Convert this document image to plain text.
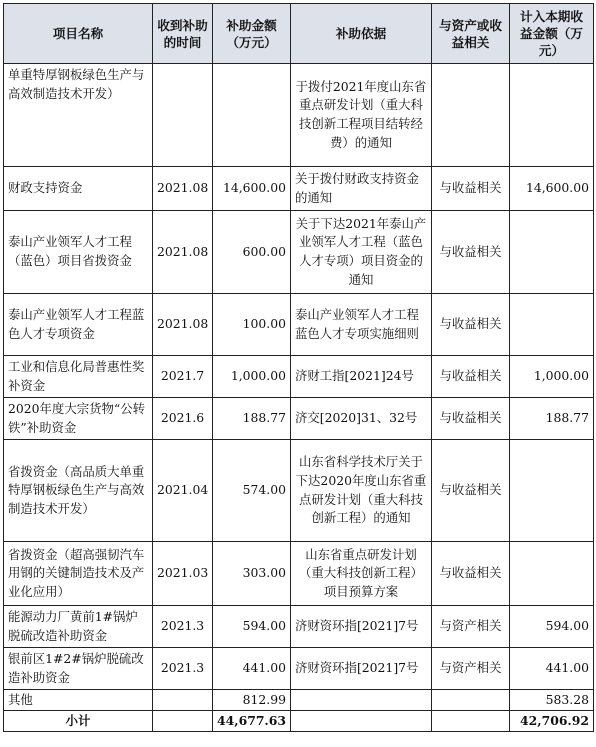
项目名称	收到补助的时间	补助金额（万元）	补助依据	与资产或收益相关	计入本期收益金额（万元）
单重特厚钢板绿色生产与高效制造技术开发）			于拨付2021年度山东省重点研发计划（重大科技创新工程项目结转经费）的通知		
财政支持资金	2021.08	14,600.00	关于拨付财政支持资金的通知	与收益相关	14,600.00
泰山产业领军人才工程（蓝色）项目省拨资金	2021.08	600.00	关于下达2021年泰山产业领军人才工程（蓝色人才专项）项目资金的通知	与收益相关	
泰山产业领军人才工程蓝色人才专项资金	2021.08	100.00	泰山产业领军人才工程蓝色人才专项实施细则	与收益相关	
工业和信息化局普惠性奖补资金	2021.7	1,000.00	济财工指[2021]24号	与收益相关	1,000.00
2020年度大宗货物“公转铁”补助资金	2021.6	188.77	济交[2020]31、32号	与收益相关	188.77
省拨资金（高品质大单重特厚钢板绿色生产与高效制造技术开发）	2021.04	574.00	山东省科学技术厅关于下达2020年度山东省重点研发计划（重大科技创新工程）的通知	与收益相关	
省拨资金（超高强韧汽车用钢的关键制造技术及产业化应用）	2021.03	303.00	山东省重点研发计划（重大科技创新工程）项目预算方案	与收益相关	
能源动力厂黄前1#锅炉脱硫改造补助资金	2021.3	594.00	济财资环指[2021]7号	与资产相关	594.00
银前区1#2#锅炉脱硫改造补助资金	2021.3	441.00	济财资环指[2021]7号	与资产相关	441.00
其他		812.99			583.28
小计		44,677.63			42,706.92
